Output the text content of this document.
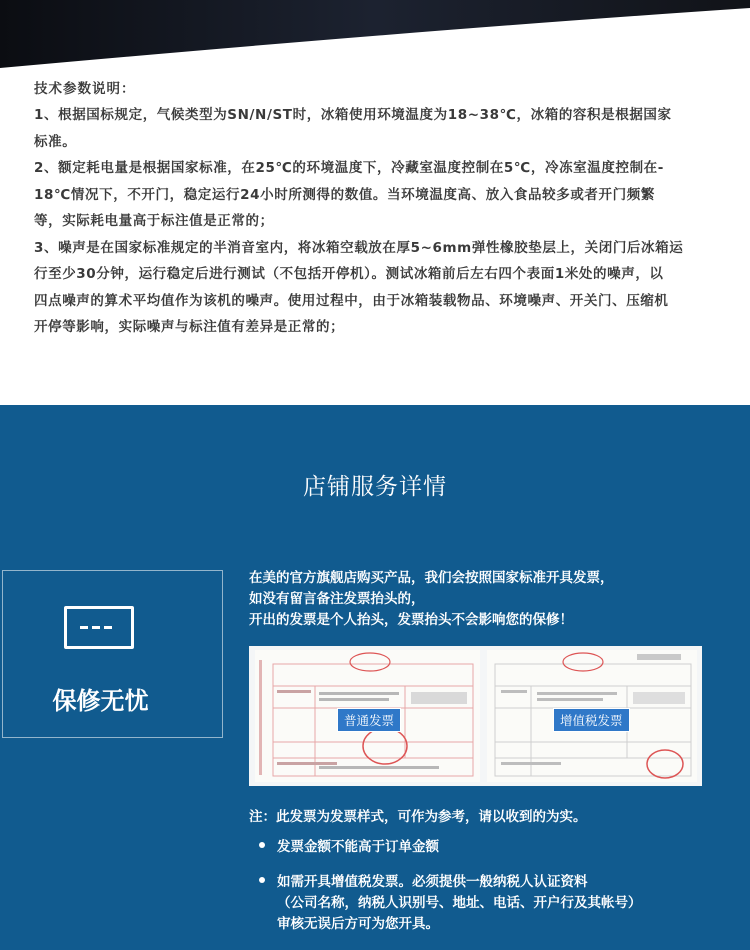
技术参数说明：
1、根据国标规定，气候类型为SN/N/ST时，冰箱使用环境温度为18~38℃，冰箱的容积是根据国家
标准。
2、额定耗电量是根据国家标准，在25℃的环境温度下，冷藏室温度控制在5℃，冷冻室温度控制在-
18℃情况下，不开门，稳定运行24小时所测得的数值。当环境温度高、放入食品较多或者开门频繁
等，实际耗电量高于标注值是正常的；
3、噪声是在国家标准规定的半消音室内，将冰箱空载放在厚5~6mm弹性橡胶垫层上，关闭门后冰箱运
行至少30分钟，运行稳定后进行测试（不包括开停机）。测试冰箱前后左右四个表面1米处的噪声，以
四点噪声的算术平均值作为该机的噪声。使用过程中，由于冰箱装载物品、环境噪声、开关门、压缩机
开停等影响，实际噪声与标注值有差异是正常的；
店铺服务详情
保修无忧
在美的官方旗舰店购买产品，我们会按照国家标准开具发票，
如没有留言备注发票抬头的，
开出的发票是个人抬头，发票抬头不会影响您的保修！
普通发票	增值税发票
注：此发票为发票样式，可作为参考，请以收到的为实。
发票金额不能高于订单金额
如需开具增值税发票。必须提供一般纳税人认证资料
（公司名称，纳税人识别号、地址、电话、开户行及其帐号）
审核无误后方可为您开具。
